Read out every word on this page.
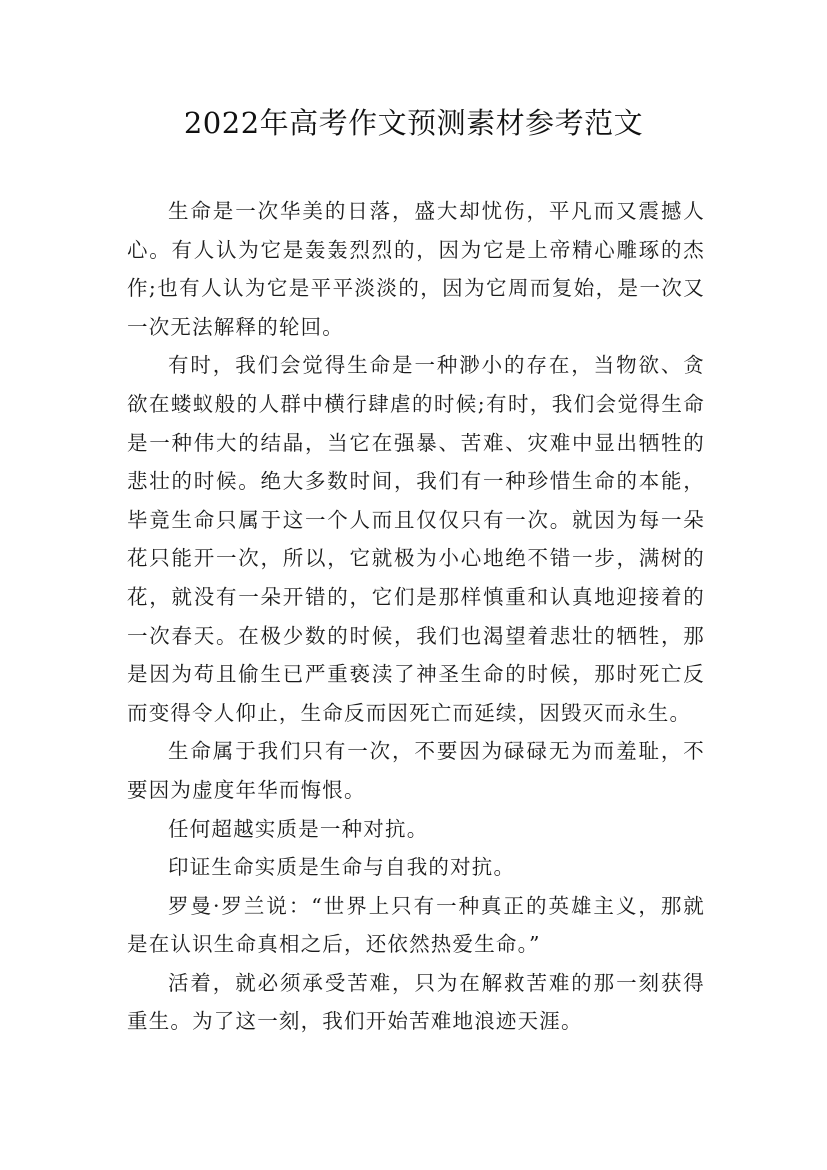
2022年高考作文预测素材参考范文

生命是一次华美的日落，盛大却忧伤，平凡而又震撼人心。有人认为它是轰轰烈烈的，因为它是上帝精心雕琢的杰作;也有人认为它是平平淡淡的，因为它周而复始，是一次又一次无法解释的轮回。

有时，我们会觉得生命是一种渺小的存在，当物欲、贪欲在蝼蚁般的人群中横行肆虐的时候;有时，我们会觉得生命是一种伟大的结晶，当它在强暴、苦难、灾难中显出牺牲的悲壮的时候。绝大多数时间，我们有一种珍惜生命的本能，毕竟生命只属于这一个人而且仅仅只有一次。就因为每一朵花只能开一次，所以，它就极为小心地绝不错一步，满树的花，就没有一朵开错的，它们是那样慎重和认真地迎接着的一次春天。在极少数的时候，我们也渴望着悲壮的牺牲，那是因为苟且偷生已严重亵渎了神圣生命的时候，那时死亡反而变得令人仰止，生命反而因死亡而延续，因毁灭而永生。

生命属于我们只有一次，不要因为碌碌无为而羞耻，不要因为虚度年华而悔恨。

任何超越实质是一种对抗。

印证生命实质是生命与自我的对抗。

罗曼·罗兰说：“世界上只有一种真正的英雄主义，那就是在认识生命真相之后，还依然热爱生命。”

活着，就必须承受苦难，只为在解救苦难的那一刻获得重生。为了这一刻，我们开始苦难地浪迹天涯。
